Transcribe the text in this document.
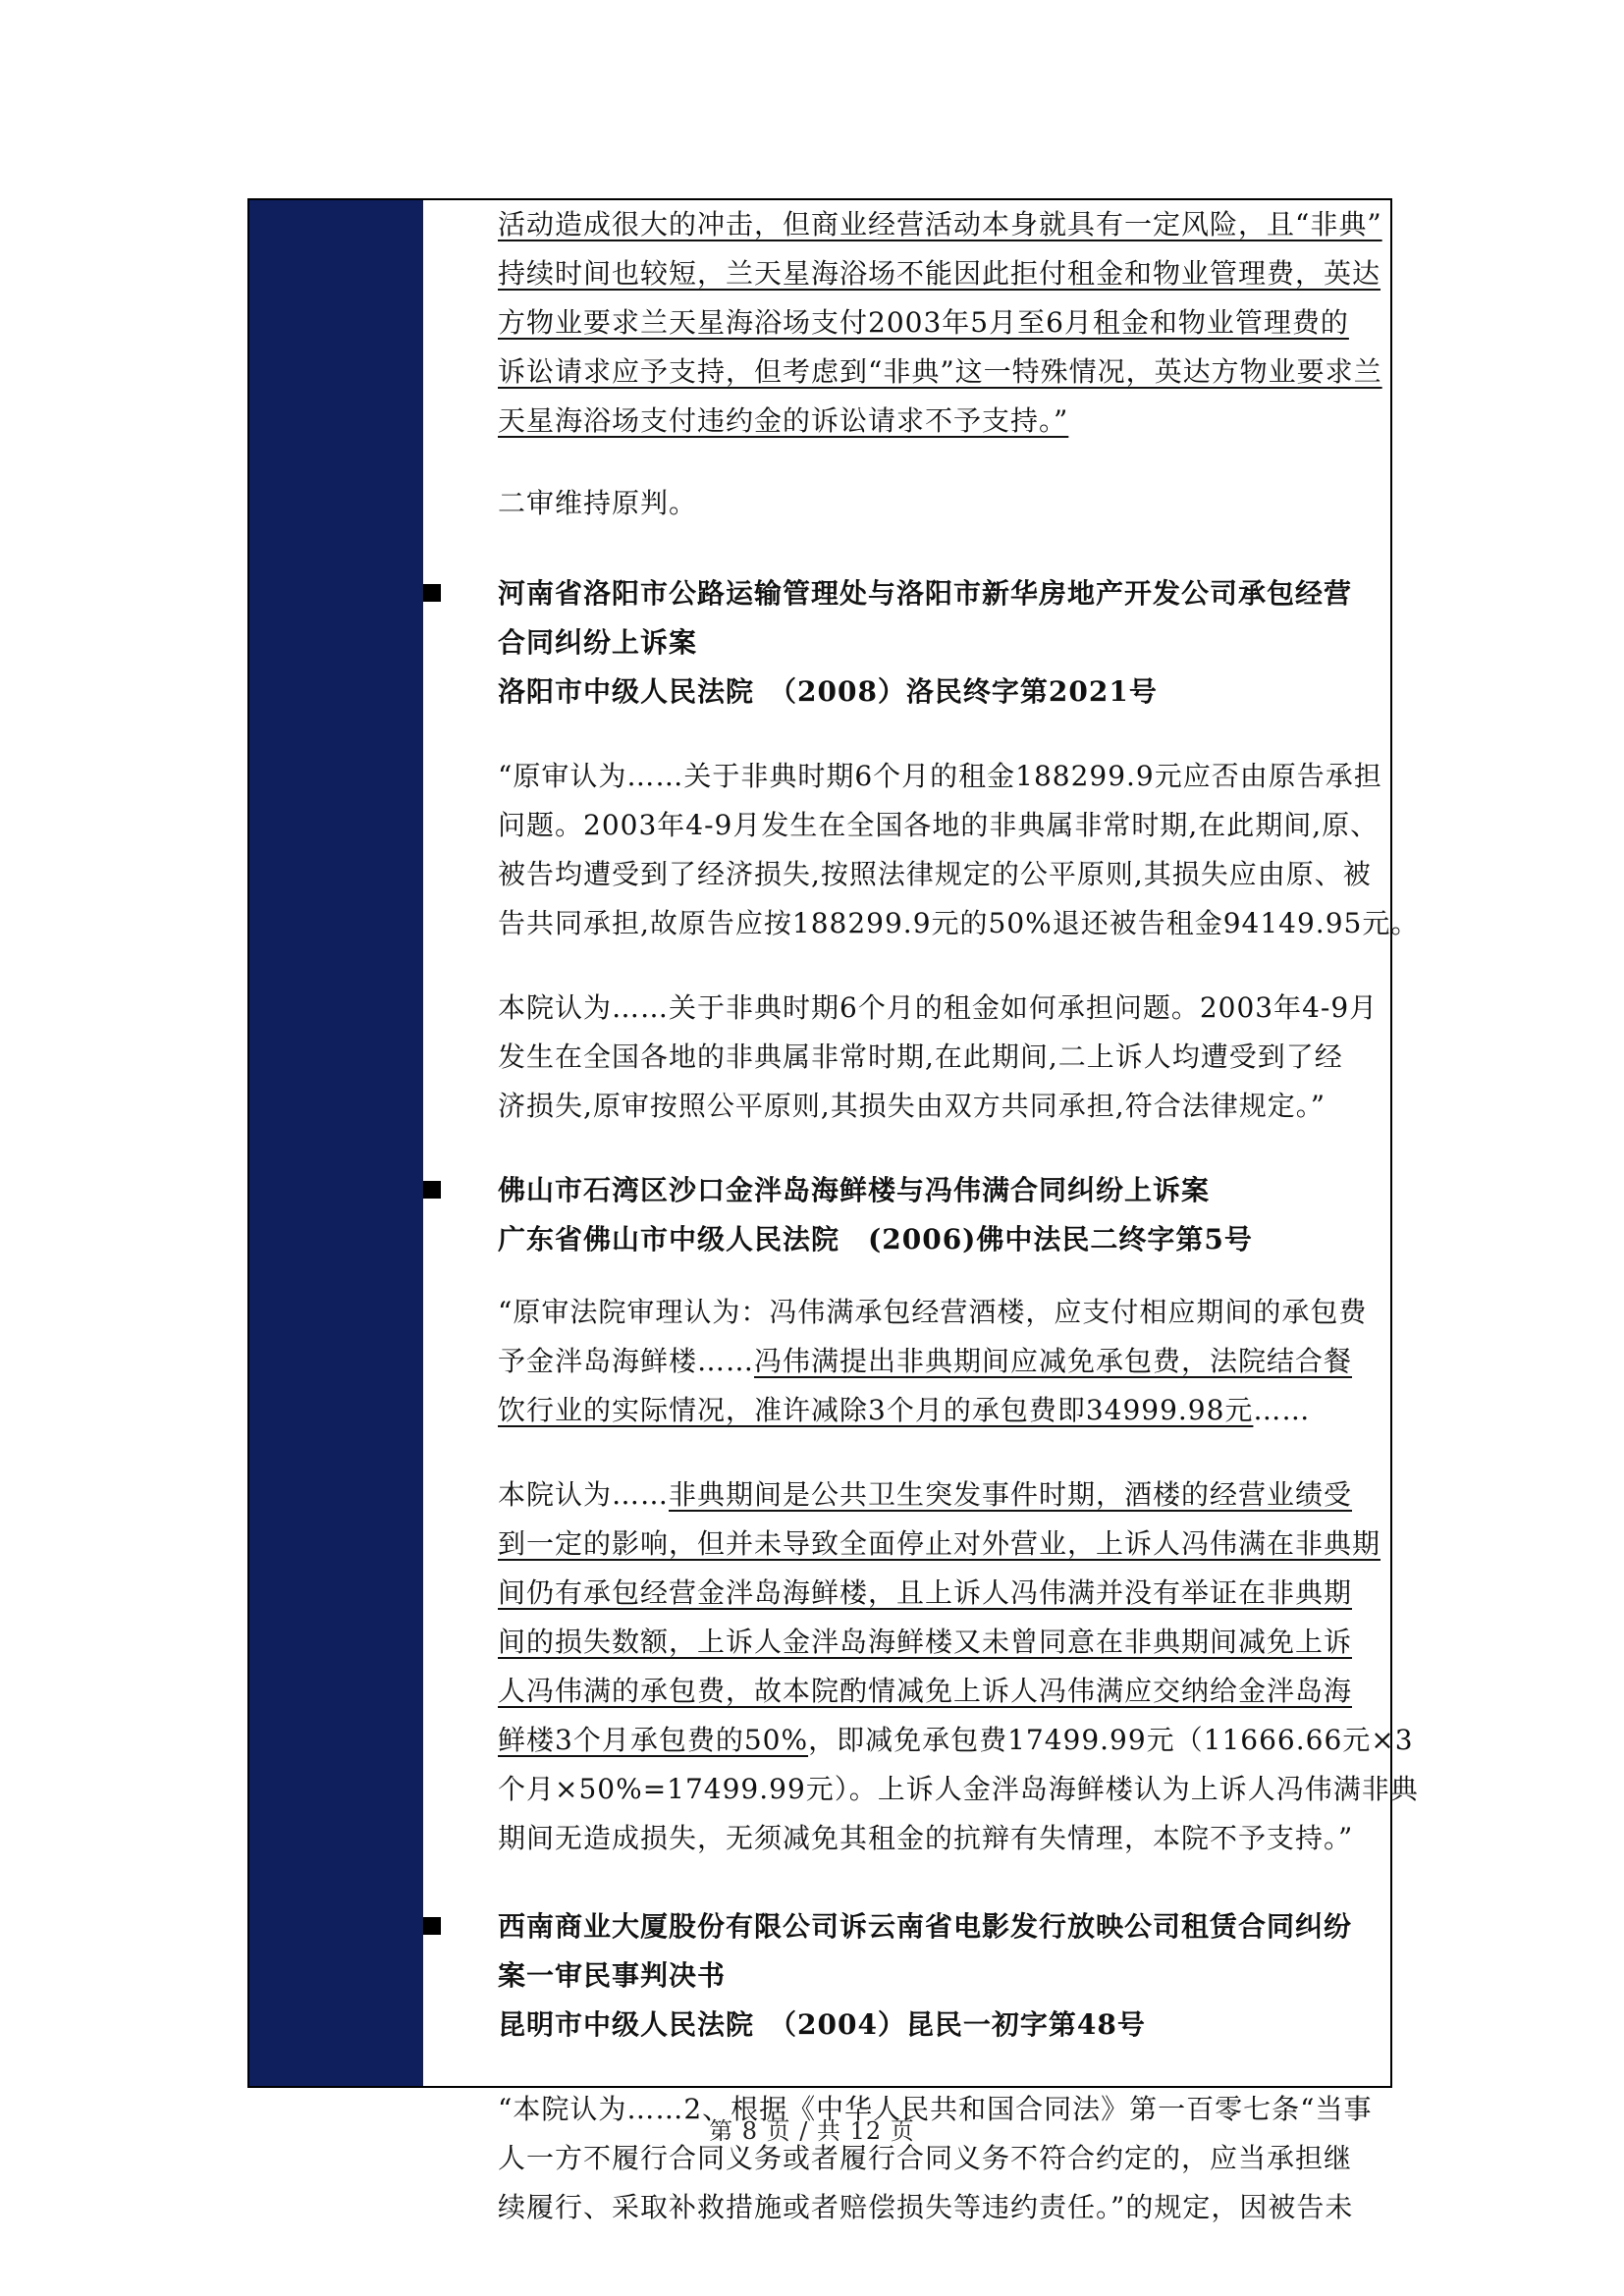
活动造成很大的冲击，但商业经营活动本身就具有一定风险，且“非典”
持续时间也较短，兰天星海浴场不能因此拒付租金和物业管理费，英达
方物业要求兰天星海浴场支付2003年5月至6月租金和物业管理费的
诉讼请求应予支持，但考虑到“非典”这一特殊情况，英达方物业要求兰
天星海浴场支付违约金的诉讼请求不予支持。”
二审维持原判。
河南省洛阳市公路运输管理处与洛阳市新华房地产开发公司承包经营
合同纠纷上诉案
洛阳市中级人民法院　（2008）洛民终字第2021号
“原审认为……关于非典时期6个月的租金188299.9元应否由原告承担
问题。2003年4-9月发生在全国各地的非典属非常时期,在此期间,原、
被告均遭受到了经济损失,按照法律规定的公平原则,其损失应由原、被
告共同承担,故原告应按188299.9元的50%退还被告租金94149.95元。
本院认为……关于非典时期6个月的租金如何承担问题。2003年4-9月
发生在全国各地的非典属非常时期,在此期间,二上诉人均遭受到了经
济损失,原审按照公平原则,其损失由双方共同承担,符合法律规定。”
佛山市石湾区沙口金泮岛海鲜楼与冯伟满合同纠纷上诉案
广东省佛山市中级人民法院　(2006)佛中法民二终字第5号
“原审法院审理认为：冯伟满承包经营酒楼，应支付相应期间的承包费
予金泮岛海鲜楼……冯伟满提出非典期间应减免承包费，法院结合餐
饮行业的实际情况，准许减除3个月的承包费即34999.98元……
本院认为……非典期间是公共卫生突发事件时期，酒楼的经营业绩受
到一定的影响，但并未导致全面停止对外营业，上诉人冯伟满在非典期
间仍有承包经营金泮岛海鲜楼，且上诉人冯伟满并没有举证在非典期
间的损失数额，上诉人金泮岛海鲜楼又未曾同意在非典期间减免上诉
人冯伟满的承包费，故本院酌情减免上诉人冯伟满应交纳给金泮岛海
鲜楼3个月承包费的50%，即减免承包费17499.99元（11666.66元×3
个月×50%=17499.99元）。上诉人金泮岛海鲜楼认为上诉人冯伟满非典
期间无造成损失，无须减免其租金的抗辩有失情理，本院不予支持。”
西南商业大厦股份有限公司诉云南省电影发行放映公司租赁合同纠纷
案一审民事判决书
昆明市中级人民法院　（2004）昆民一初字第48号
“本院认为……2、根据《中华人民共和国合同法》第一百零七条“当事
人一方不履行合同义务或者履行合同义务不符合约定的，应当承担继
续履行、采取补救措施或者赔偿损失等违约责任。”的规定，因被告未
第 8 页 / 共 12 页
